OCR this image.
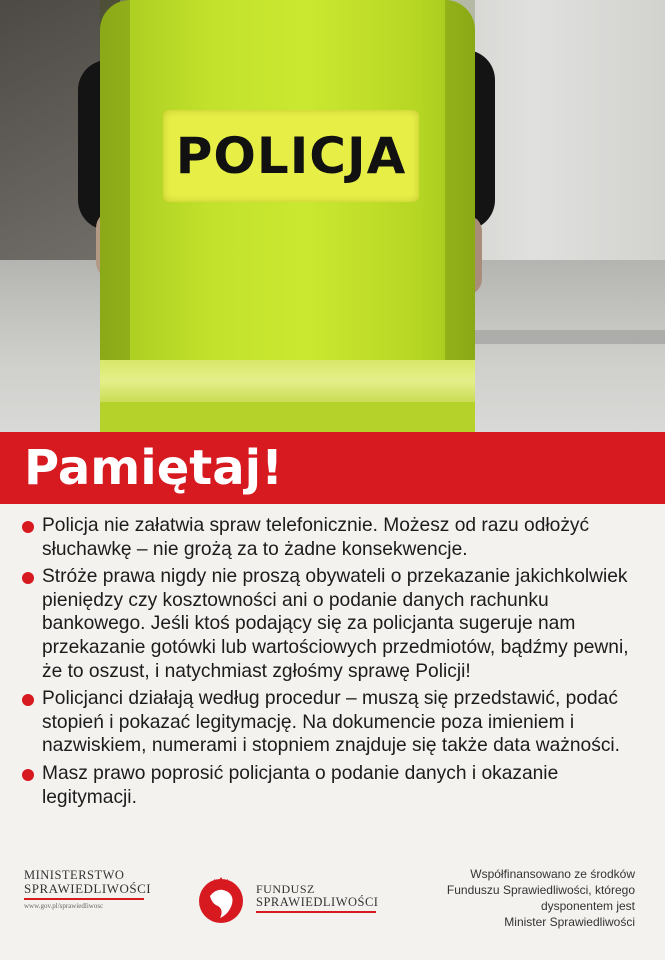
POLICJA
Pamiętaj!

Policja nie załatwia spraw telefonicznie. Możesz od razu odłożyć słuchawkę – nie grożą za to żadne konsekwencje.

Stróże prawa nigdy nie proszą obywateli o przekazanie jakichkolwiek pieniędzy czy kosztowności ani o podanie danych rachunku bankowego. Jeśli ktoś podający się za policjanta sugeruje nam przekazanie gotówki lub wartościowych przedmiotów, bądźmy pewni, że to oszust, i natychmiast zgłośmy sprawę Policji!

Policjanci działają według procedur – muszą się przedstawić, podać stopień i pokazać legitymację. Na dokumencie poza imieniem i nazwiskiem, numerami i stopniem znajduje się także data ważności.

Masz prawo poprosić policjanta o podanie danych i okazanie legitymacji.

MINISTERSTWO
SPRAWIEDLIWOŚCI
www.gov.pl/sprawiedliwosc
FUNDUSZ
SPRAWIEDLIWOŚCI
Współfinansowano ze środków
Funduszu Sprawiedliwości, którego
dysponentem jest
Minister Sprawiedliwości
